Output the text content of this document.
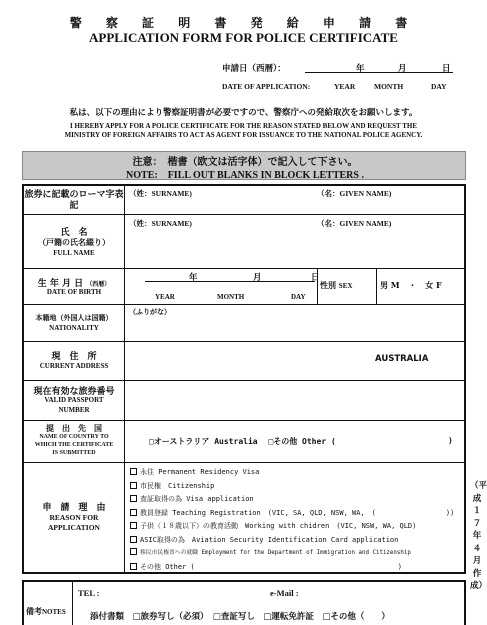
警 察 証 明 書 発 給 申 請 書
APPLICATION FORM FOR POLICE CERTIFICATE
申請日（西暦）：	年	月	日
DATE OF APPLICATION:	YEAR MONTH	DAY
私は、以下の理由により警察証明書が必要ですので、警察庁への発給取次をお願いします。
I HEREBY APPLY FOR A POLICE CERTIFICATE FOR THE REASON STATED BELOW AND REQUEST THE
MINISTRY OF FOREIGN AFFAIRS TO ACT AS AGENT FOR ISSUANCE TO THE NATIONAL POLICE AGENCY.
注意：　楷書（欧文は活字体）で記入して下さい。
NOTE:　FILL OUT BLANKS IN BLOCK LETTERS .
旅券に記載のローマ字表記
（姓：SURNAME)	（名：GIVEN NAME)
氏　名
（戸籍の氏名綴り）
FULL NAME
（姓：SURNAME)	（名：GIVEN NAME)
生 年 月 日 （西暦）
DATE OF BIRTH
年	月	日
YEAR	MONTH	DAY
性別 SEX	男 M ・ 女 F
本籍地（外国人は国籍）
NATIONALITY
（ふりがな）
現　住　所
CURRENT ADDRESS
AUSTRALIA
現在有効な旅券番号
VALID PASSPORT
NUMBER
提　出　先　国
NAME OF COUNTRY TO
WHICH THE CERTIFICATE
IS SUBMITTED
□オーストラリア Australia □その他 Other (	)
申　請　理　由
REASON FOR
APPLICATION
永住 Permanent Residency Visa
市民権　Citizenship
査証取得の為 Visa application
教員登録 Teaching Registration　(VIC, SA, QLD, NSW, WA,　(　　　　　　　　　　))
子供（１８歳以下）の教育活動　Working with chidren　(VIC, NSW, WA, QLD)
ASIC取得の為　Aviation Security Identification Card application
移民市民権省への就職 Employment for the Department of Immigration and Citizenship
その他 Other (　　　　　　　　　　　　　　　　　　　　　　　　　　　　　)
（平成１７年４月作成）
備考NOTES
TEL :	e-Mail :
添付書類　□旅券写し（必須）　□査証写し　□運転免許証　□その他（　　）
